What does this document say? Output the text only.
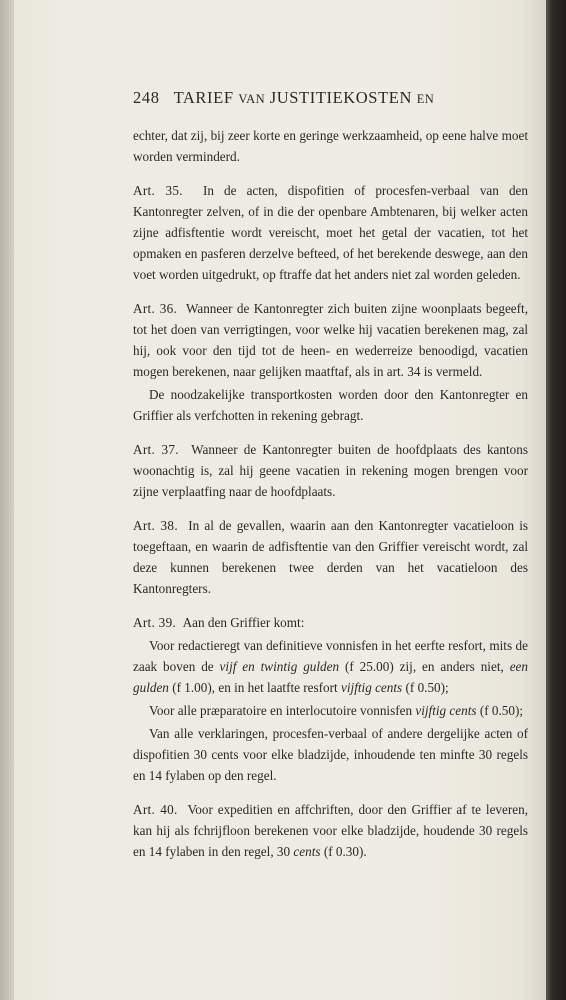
248 TARIEF
VAN
JUSTITIEKOSTEN
EN

echter, dat zij, bij zeer korte en geringe werkzaamheid, op eene halve moet worden verminderd.

Art. 35. In de acten, dispofitien of procesfen-verbaal van den Kantonregter zelven, of in die der openbare Ambtenaren, bij welker acten zijne adfisftentie wordt vereischt, moet het getal der vacatien, tot het opmaken en pasferen derzelve befteed, of het berekende deswege, aan den voet worden uitgedrukt, op ftraffe dat het anders niet zal worden geleden.

Art. 36. Wanneer de Kantonregter zich buiten zijne woonplaats begeeft, tot het doen van verrigtingen, voor welke hij vacatien berekenen mag, zal hij, ook voor den tijd tot de heen- en wederreize benoodigd, vacatien mogen berekenen, naar gelijken maatftaf, als in art. 34 is vermeld.

De noodzakelijke transportkosten worden door den Kantonregter en Griffier als verfchotten in rekening gebragt.

Art. 37. Wanneer de Kantonregter buiten de hoofdplaats des kantons woonachtig is, zal hij geene vacatien in rekening mogen brengen voor zijne verplaatfing naar de hoofdplaats.

Art. 38. In al de gevallen, waarin aan den Kantonregter vacatieloon is toegeftaan, en waarin de adfisftentie van den Griffier vereischt wordt, zal deze kunnen berekenen twee derden van het vacatieloon des Kantonregters.

Art. 39. Aan den Griffier komt:

Voor redactieregt van definitieve vonnisfen in het eerfte resfort, mits de zaak boven de vijf en twintig gulden (f 25.00) zij, en anders niet, een gulden (f 1.00), en in het laatfte resfort vijftig cents (f 0.50);

Voor alle præparatoire en interlocutoire vonnisfen vijftig cents (f 0.50);

Van alle verklaringen, procesfen-verbaal of andere dergelijke acten of dispofitien 30 cents voor elke bladzijde, inhoudende ten minfte 30 regels en 14 fylaben op den regel.

Art. 40. Voor expeditien en affchriften, door den Griffier af te leveren, kan hij als fchrijfloon berekenen voor elke bladzijde, houdende 30 regels en 14 fylaben in den regel, 30 cents (f 0.30).
